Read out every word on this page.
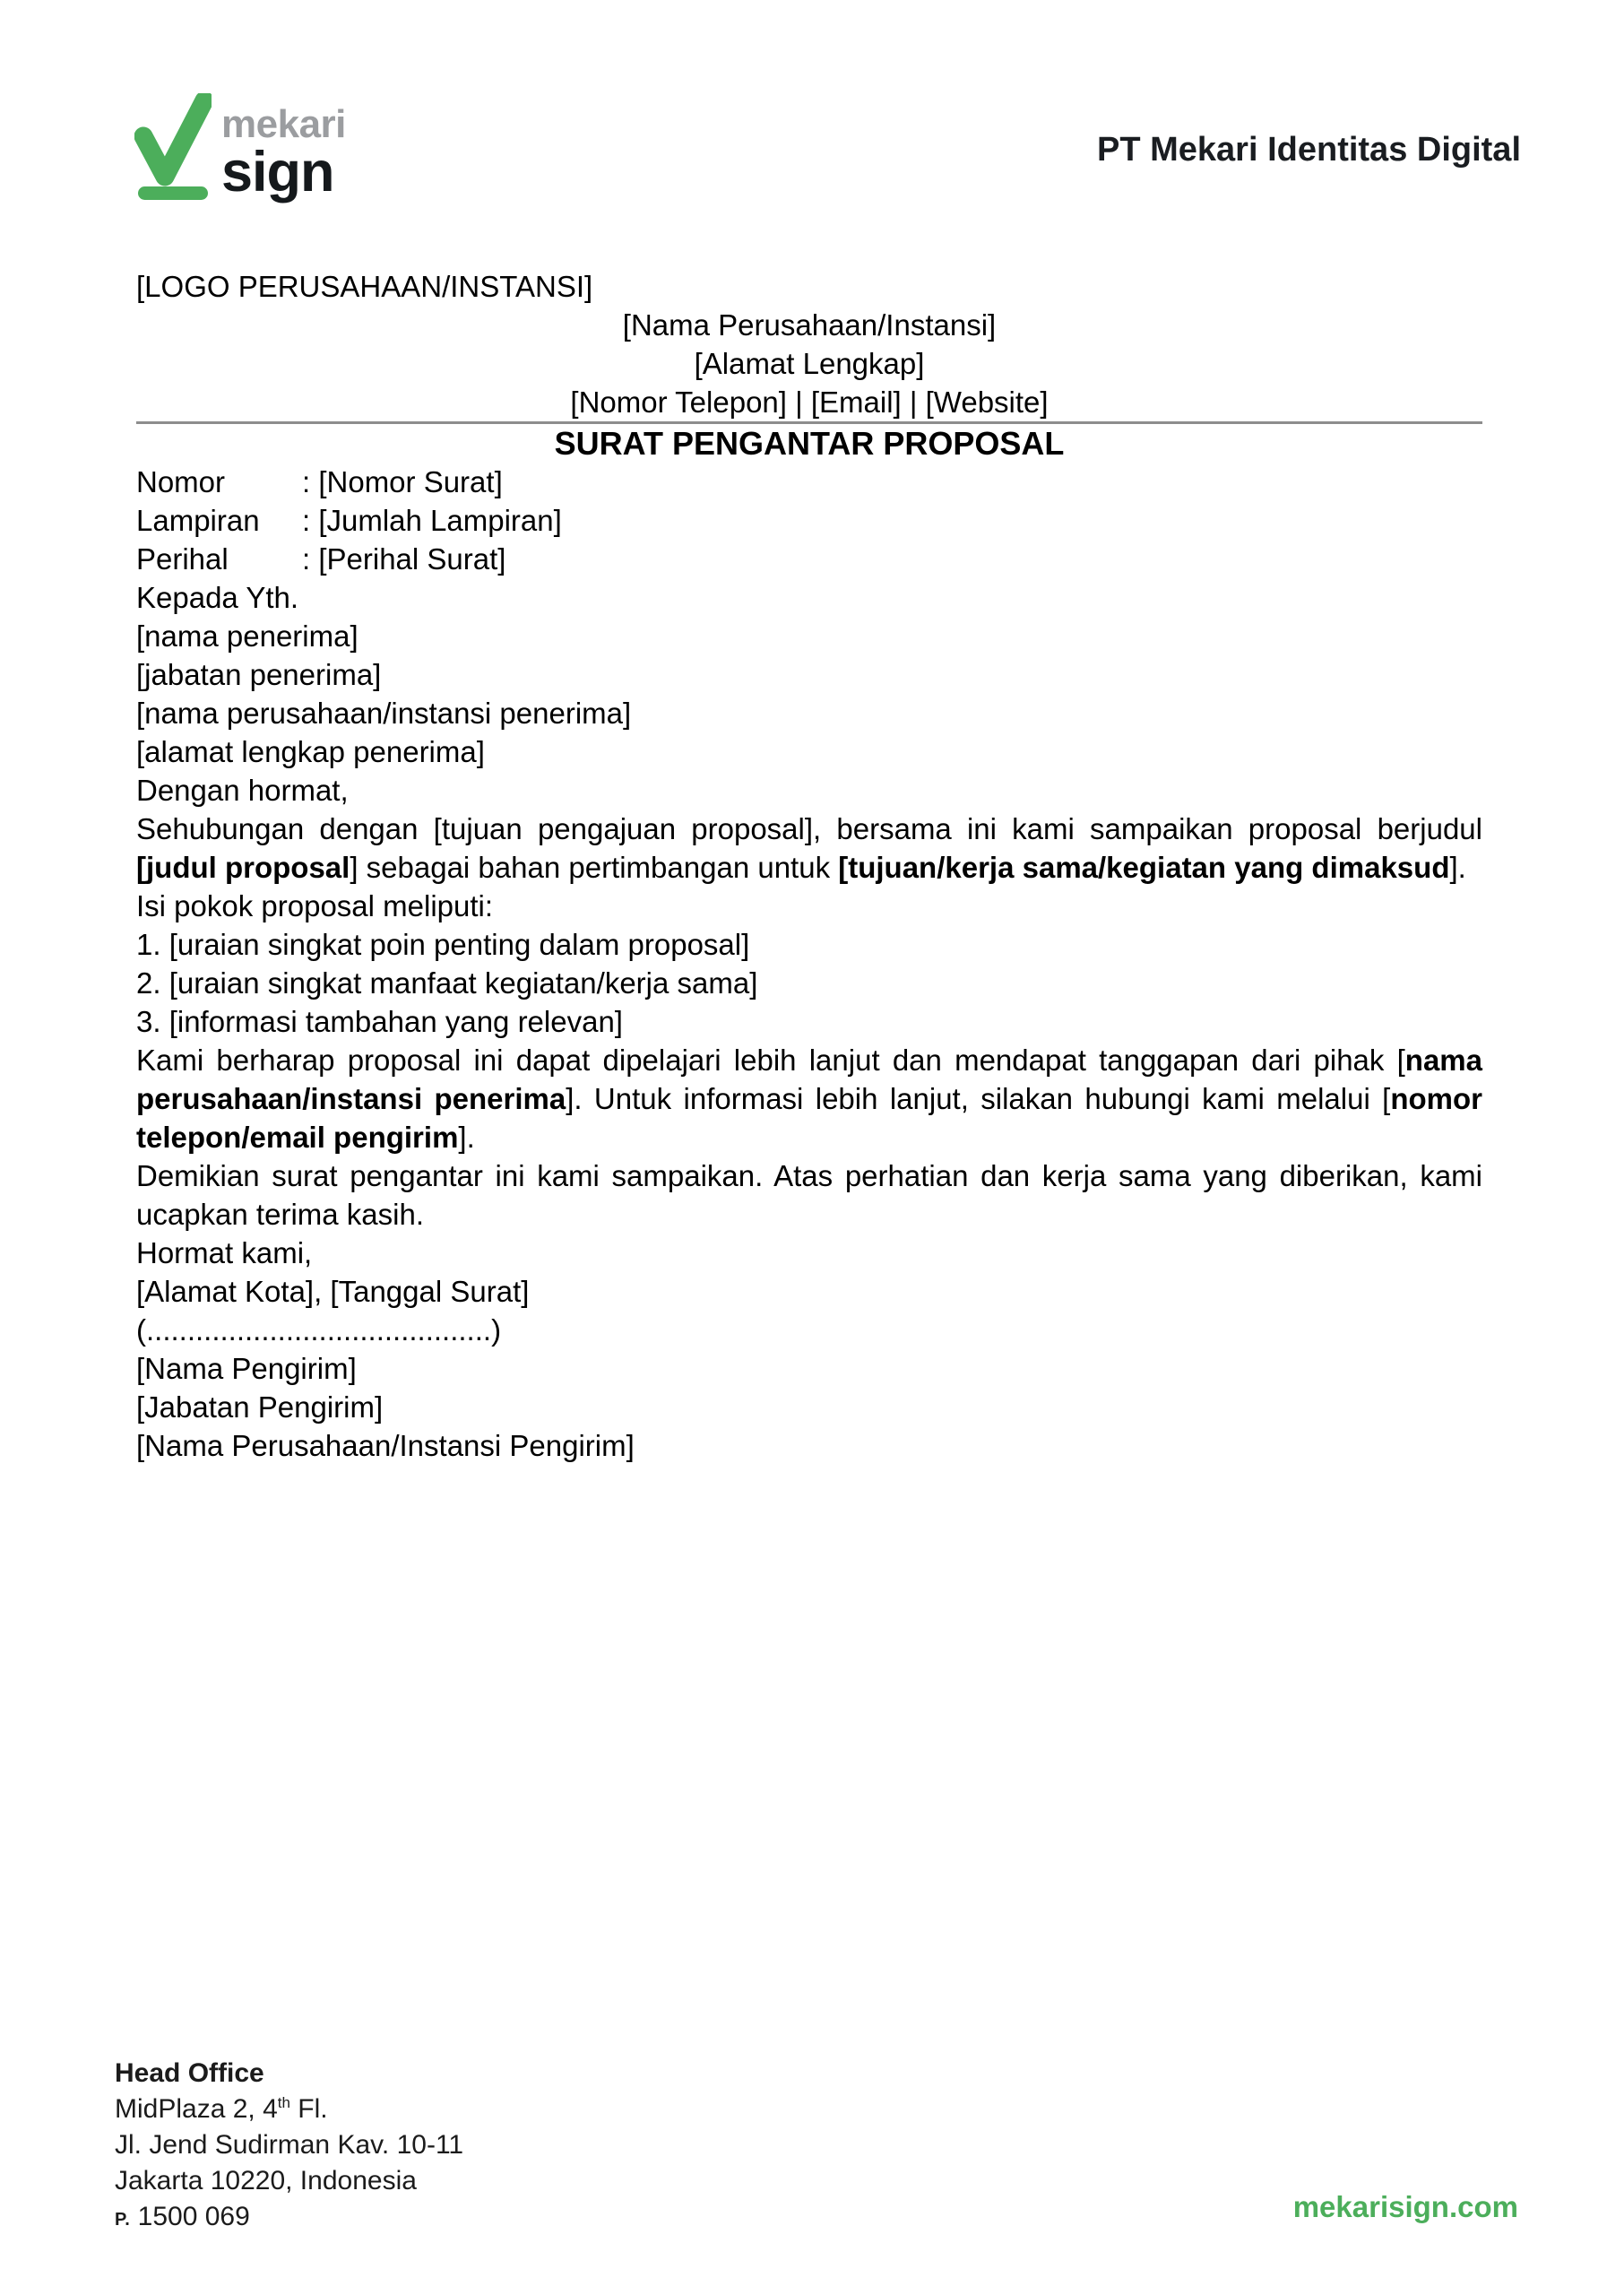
mekari
sign	PT Mekari Identitas Digital
[LOGO PERUSAHAAN/INSTANSI]
[Nama Perusahaan/Instansi]
[Alamat Lengkap]
[Nomor Telepon] | [Email] | [Website]
SURAT PENGANTAR PROPOSAL
Nomor	: [Nomor Surat]
Lampiran : [Jumlah Lampiran]
Perihal : [Perihal Surat]
Kepada Yth.
[nama penerima]
[jabatan penerima]
[nama perusahaan/instansi penerima]
[alamat lengkap penerima]

Dengan hormat,

Sehubungan dengan [tujuan pengajuan proposal], bersama ini kami sampaikan proposal berjudul [judul proposal] sebagai bahan pertimbangan untuk [tujuan/kerja sama/kegiatan yang dimaksud].

Isi pokok proposal meliputi:
1. [uraian singkat poin penting dalam proposal]
2. [uraian singkat manfaat kegiatan/kerja sama]
3. [informasi tambahan yang relevan]

Kami berharap proposal ini dapat dipelajari lebih lanjut dan mendapat tanggapan dari pihak [nama perusahaan/instansi penerima]. Untuk informasi lebih lanjut, silakan hubungi kami melalui [nomor telepon/email pengirim].

Demikian surat pengantar ini kami sampaikan. Atas perhatian dan kerja sama yang diberikan, kami ucapkan terima kasih.

Hormat kami,

[Alamat Kota], [Tanggal Surat]

(..........................................)
[Nama Pengirim]
[Jabatan Pengirim]
[Nama Perusahaan/Instansi Pengirim]
Head Office
MidPlaza 2, 4th Fl.
Jl. Jend Sudirman Kav. 10-11
Jakarta 10220, Indonesia
P. 1500 069	mekarisign.com
